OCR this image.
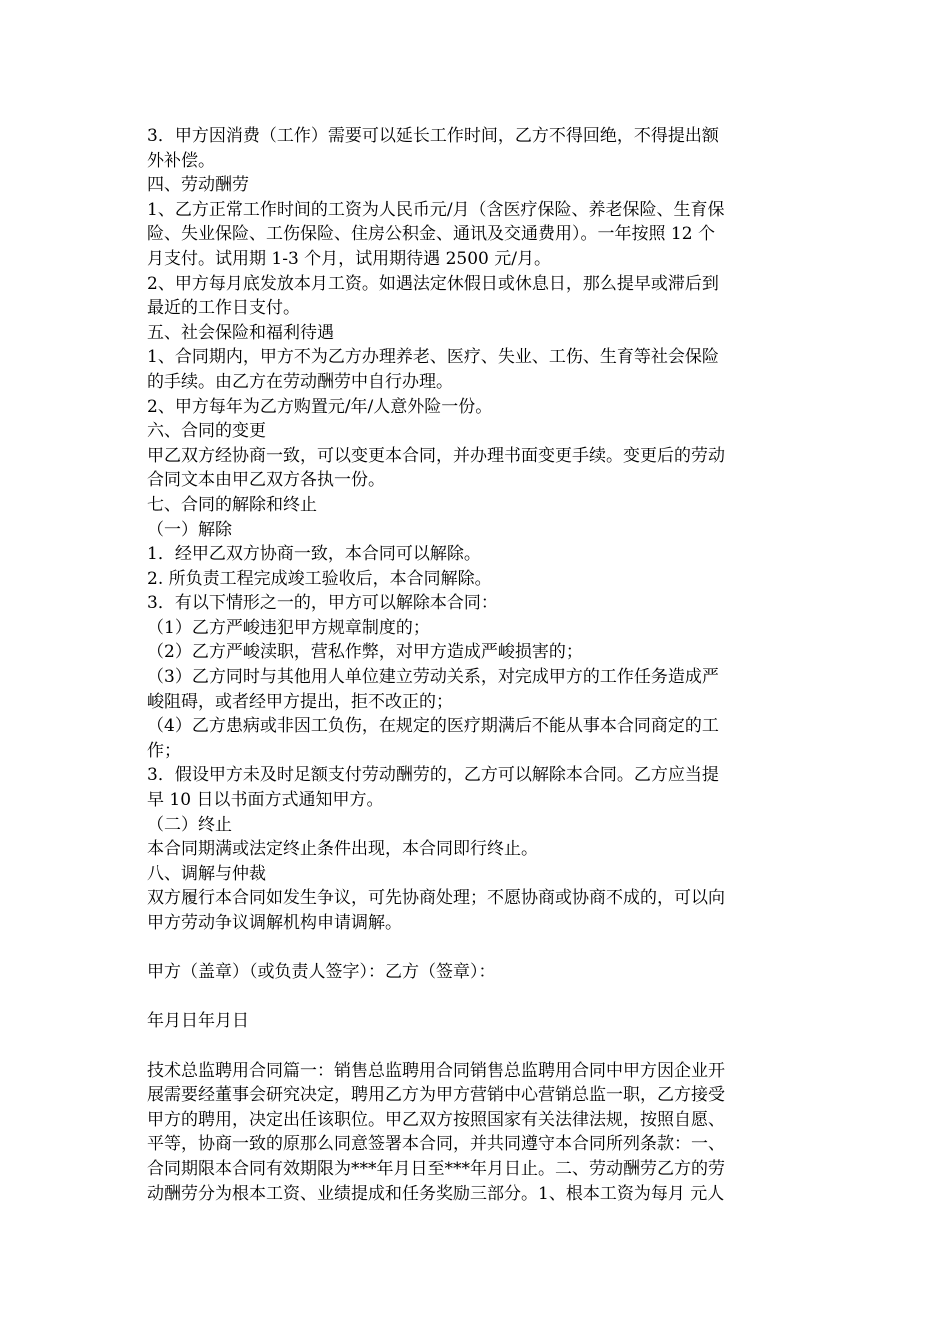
3．甲方因消费（工作）需要可以延长工作时间，乙方不得回绝，不得提出额
外补偿。
四、劳动酬劳
1、乙方正常工作时间的工资为人民币元/月（含医疗保险、养老保险、生育保
险、失业保险、工伤保险、住房公积金、通讯及交通费用）。一年按照 12 个
月支付。试用期 1-3 个月，试用期待遇 2500 元/月。
2、甲方每月底发放本月工资。如遇法定休假日或休息日，那么提早或滞后到
最近的工作日支付。
五、社会保险和福利待遇
1、合同期内，甲方不为乙方办理养老、医疗、失业、工伤、生育等社会保险
的手续。由乙方在劳动酬劳中自行办理。
2、甲方每年为乙方购置元/年/人意外险一份。
六、合同的变更
甲乙双方经协商一致，可以变更本合同，并办理书面变更手续。变更后的劳动
合同文本由甲乙双方各执一份。
七、合同的解除和终止
（一）解除
1．经甲乙双方协商一致，本合同可以解除。
2. 所负责工程完成竣工验收后，本合同解除。
3．有以下情形之一的，甲方可以解除本合同：
（1）乙方严峻违犯甲方规章制度的；
（2）乙方严峻渎职，营私作弊，对甲方造成严峻损害的；
（3）乙方同时与其他用人单位建立劳动关系，对完成甲方的工作任务造成严
峻阻碍，或者经甲方提出，拒不改正的；
（4）乙方患病或非因工负伤，在规定的医疗期满后不能从事本合同商定的工
作；
3．假设甲方未及时足额支付劳动酬劳的，乙方可以解除本合同。乙方应当提
早 10 日以书面方式通知甲方。
（二）终止
本合同期满或法定终止条件出现，本合同即行终止。
八、调解与仲裁
双方履行本合同如发生争议，可先协商处理；不愿协商或协商不成的，可以向
甲方劳动争议调解机构申请调解。
甲方（盖章）（或负责人签字）：乙方（签章）：
年月日年月日
技术总监聘用合同篇一：销售总监聘用合同销售总监聘用合同中甲方因企业开
展需要经董事会研究决定，聘用乙方为甲方营销中心营销总监一职，乙方接受
甲方的聘用，决定出任该职位。甲乙双方按照国家有关法律法规，按照自愿、
平等，协商一致的原那么同意签署本合同，并共同遵守本合同所列条款：一、
合同期限本合同有效期限为***年月日至***年月日止。二、劳动酬劳乙方的劳
动酬劳分为根本工资、业绩提成和任务奖励三部分。1、根本工资为每月 元人
